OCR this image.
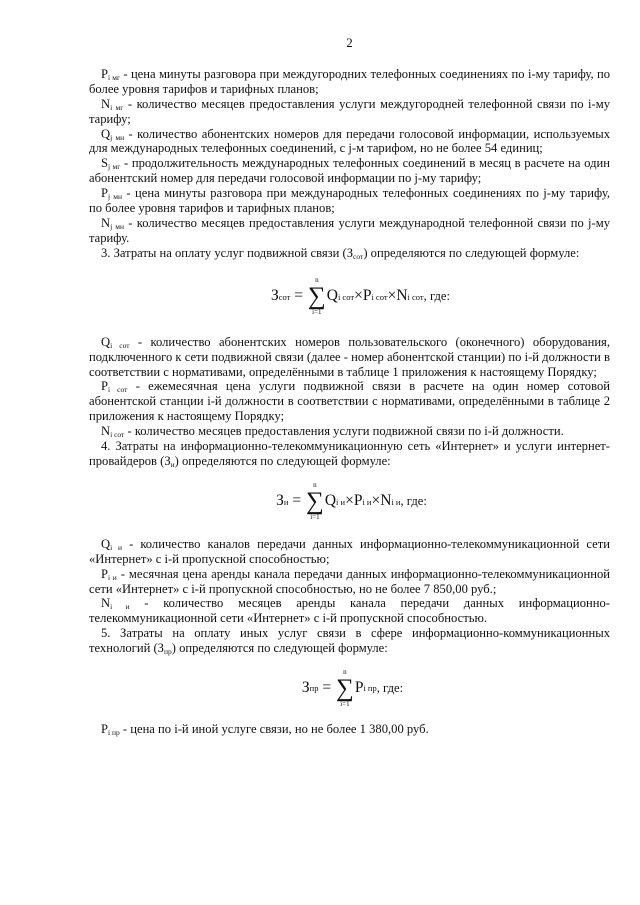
2

$P_{i мг}$ - цена минуты разговора при междугородних телефонных соединениях по i-му тарифу, по более уровня тарифов и тарифных планов;

$N_{i мг}$ - количество месяцев предоставления услуги междугородней телефонной связи по i-му тарифу;

$Q_{j мн}$ - количество абонентских номеров для передачи голосовой информации, используемых для международных телефонных соединений, с j-м тарифом, но не более 54 единиц;

$S_{j мг}$ - продолжительность международных телефонных соединений в месяц в расчете на один абонентский номер для передачи голосовой информации по j-му тарифу;

$P_{j мн}$ - цена минуты разговора при международных телефонных соединениях по j-му тарифу, по более уровня тарифов и тарифных планов;

$N_{j мн}$ - количество месяцев предоставления услуги международной телефонной связи по j-му тарифу.

3. Затраты на оплату услуг подвижной связи $(З_{сот})$ определяются по следующей формуле:

З сот
=

n
∑
i=1
Q i сот × P i сот × N i сот , где:

$Q_{i сот}$ - количество абонентских номеров пользовательского (оконечного) оборудования, подключенного к сети подвижной связи (далее - номер абонентской станции) по i-й должности в соответствии с нормативами, определёнными в таблице 1 приложения к настоящему Порядку;

$P_{i сот}$ - ежемесячная цена услуги подвижной связи в расчете на один номер сотовой абонентской станции i-й должности в соответствии с нормативами, определёнными в таблице 2 приложения к настоящему Порядку;

$N_{i сот}$ - количество месяцев предоставления услуги подвижной связи по i-й должности.

4. Затраты на информационно-телекоммуникационную сеть «Интернет» и услуги интернет-провайдеров $(З_и)$ определяются по следующей формуле:

З и
=

n
∑
i=1
Q i и × P i и × N i и , где:

$Q_{i и}$ - количество каналов передачи данных информационно-телекоммуникационной сети «Интернет» с i-й пропускной способностью;

$P_{i и}$ - месячная цена аренды канала передачи данных информационно-телекоммуникационной сети «Интернет» с i-й пропускной способностью, но не более 7 850,00 руб.;

$N_{i и}$ - количество месяцев аренды канала передачи данных информационно-телекоммуникационной сети «Интернет» с i-й пропускной способностью.

5. Затраты на оплату иных услуг связи в сфере информационно-коммуникационных технологий $(З_{пр})$ определяются по следующей формуле:

З пр
=

n
∑
i=1
P i пр , где:

$P_{i пр}$ - цена по i-й иной услуге связи, но не более 1 380,00 руб.
